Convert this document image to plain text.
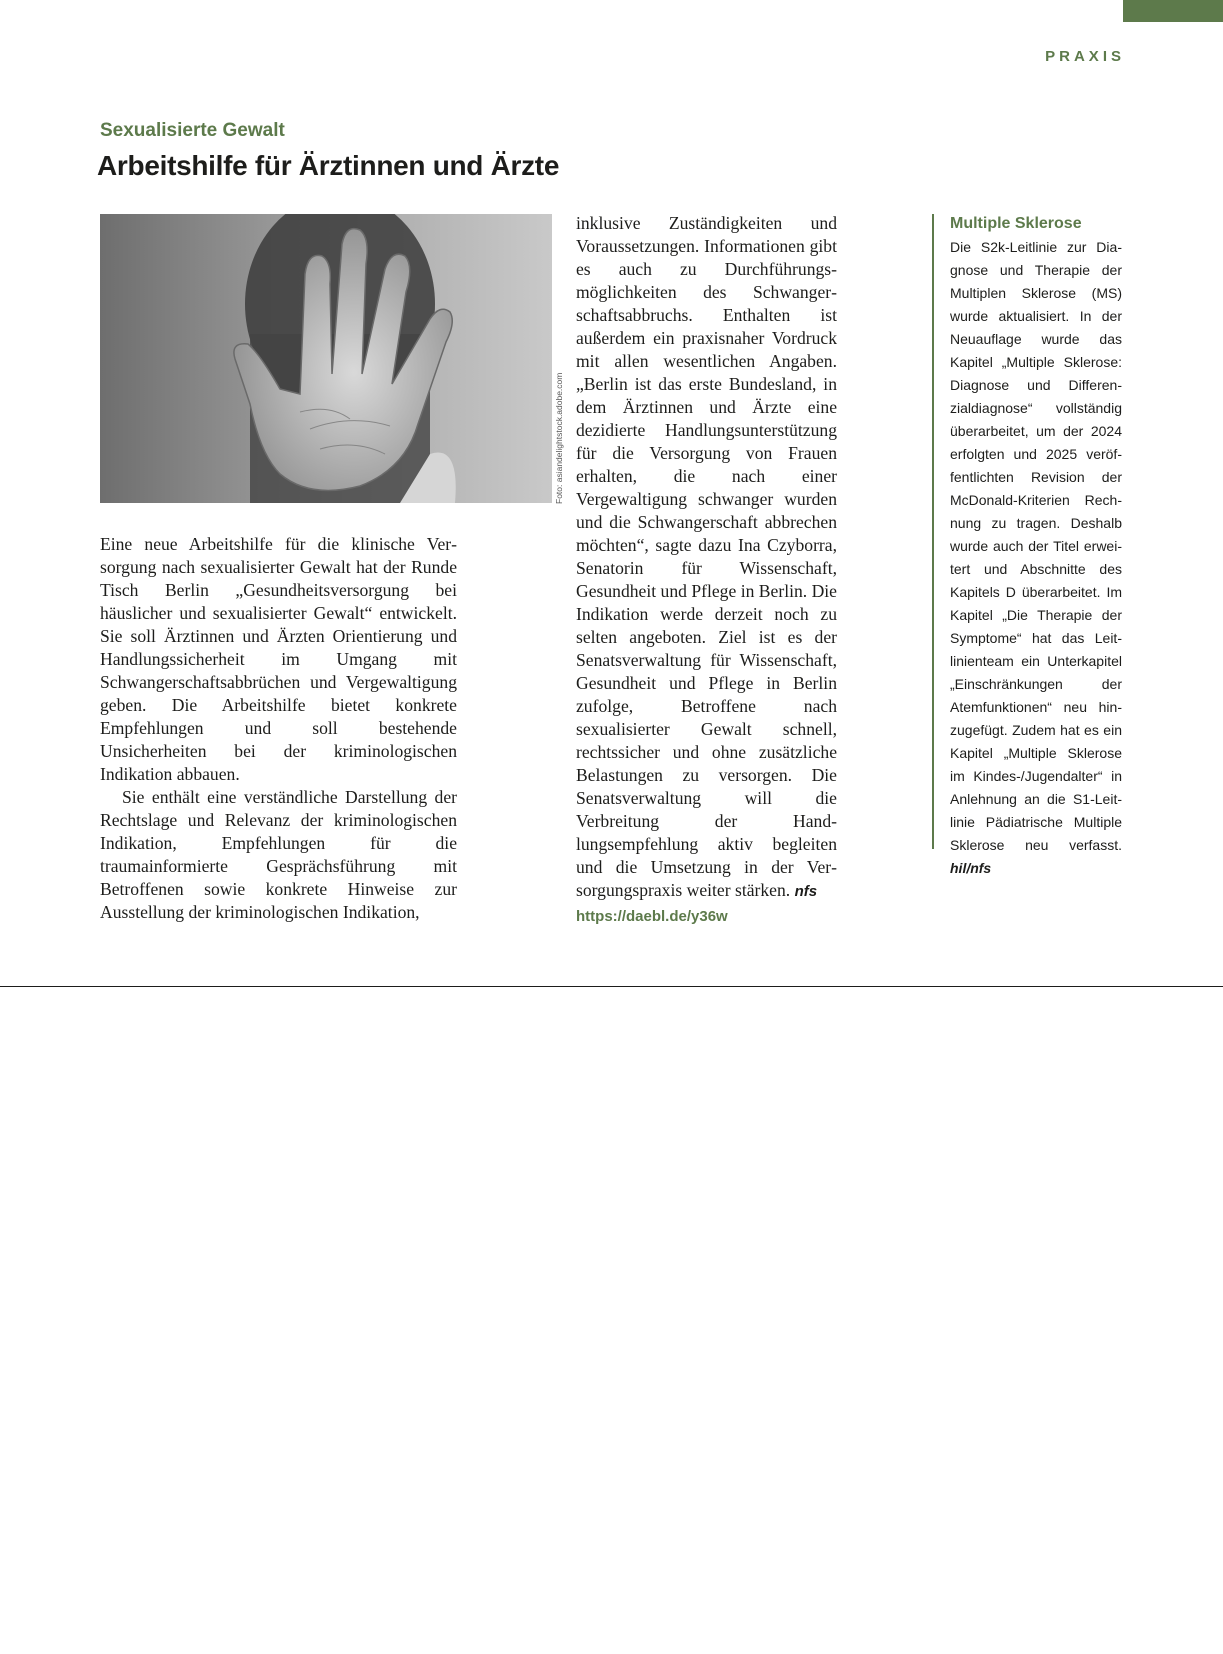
PRAXIS
Sexualisierte Gewalt
Arbeitshilfe für Ärztinnen und Ärzte
Foto: asiandelightstock.adobe.com

Eine neue Arbeitshilfe für die klinische Versorgung nach sexualisierter Gewalt hat der Runde Tisch Berlin „Gesundheitsversorgung bei häuslicher und sexualisierter Gewalt“ entwickelt. Sie soll Ärztinnen und Ärzten Orientierung und Handlungssicherheit im Umgang mit Schwangerschaftsabbrüchen und Vergewaltigung geben. Die Arbeitshilfe bietet konkrete Empfehlungen und soll bestehende Unsicherheiten bei der kriminologischen Indikation abbauen.

Sie enthält eine verständliche Darstellung der Rechtslage und Relevanz der kriminologischen Indikation, Empfehlungen für die traumainformierte Gesprächsführung mit Betroffenen sowie konkrete Hinweise zur Ausstellung der kriminologischen Indikation,

inklusive Zuständigkeiten und Voraussetzungen. Informationen gibt es auch zu Durchführungsmöglichkeiten des Schwangerschaftsabbruchs. Enthalten ist außerdem ein praxisnaher Vordruck mit allen wesentlichen Angaben. „Berlin ist das erste Bundesland, in dem Ärztinnen und Ärzte eine dezidierte Handlungsunterstützung für die Versorgung von Frauen erhalten, die nach einer Vergewaltigung schwanger wurden und die Schwangerschaft abbrechen möchten“, sagte dazu Ina Czyborra, Senatorin für Wissenschaft, Gesundheit und Pflege in Berlin. Die Indikation werde derzeit noch zu selten angeboten. Ziel ist es der Senatsverwaltung für Wissenschaft, Gesundheit und Pflege in Berlin zufolge, Betroffene nach sexualisierter Gewalt schnell, rechtssicher und ohne zusätzliche Belastungen zu versorgen. Die Senatsverwaltung will die Verbreitung der Handlungsempfehlung aktiv begleiten und die Umsetzung in der Versorgungspraxis weiter stärken. nfs

https://daebl.de/y36w
Multiple Sklerose

Die S2k-Leitlinie zur Diagnose und Therapie der Multiplen Sklerose (MS) wurde aktualisiert. In der Neuauflage wurde das Kapitel „Multiple Sklerose: Diagnose und Differenzialdiagnose“ vollständig überarbeitet, um der 2024 erfolgten und 2025 veröffentlichten Revision der McDonald-Kriterien Rechnung zu tragen. Deshalb wurde auch der Titel erweitert und Abschnitte des Kapitels D überarbeitet. Im Kapitel „Die Therapie der Symptome“ hat das Leitlinienteam ein Unterkapitel „Einschränkungen der Atemfunktionen“ neu hinzugefügt. Zudem hat es ein Kapitel „Multiple Sklerose im Kindes-/Jugendalter“ in Anlehnung an die S1-Leitlinie Pädiatrische Multiple Sklerose neu verfasst. hil/nfs
